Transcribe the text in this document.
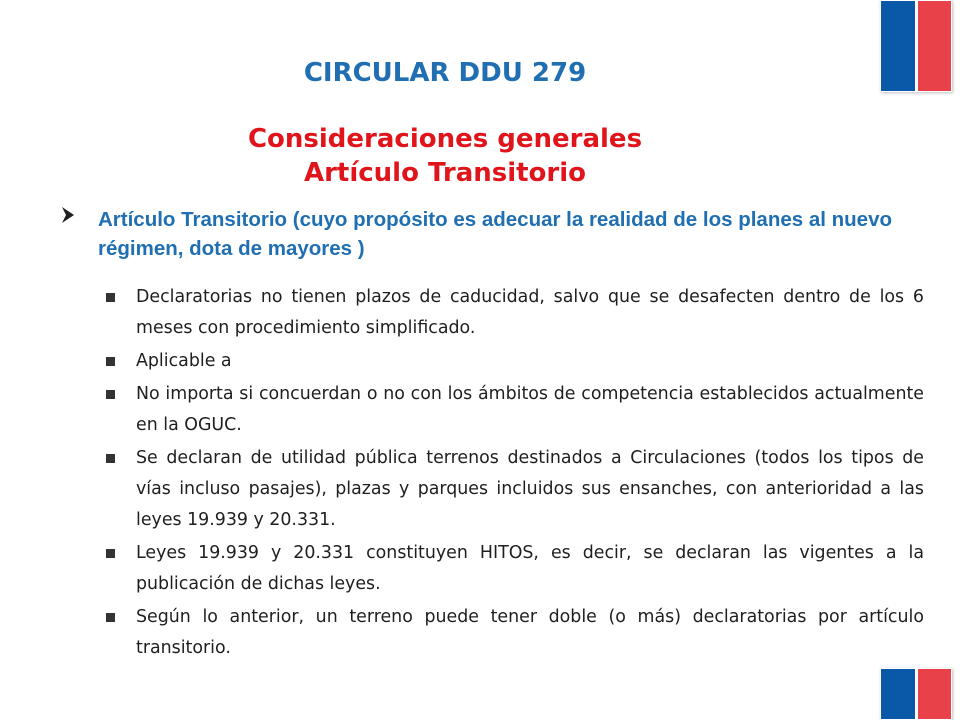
CIRCULAR DDU 279
Consideraciones generales
Artículo Transitorio

Artículo Transitorio (cuyo propósito es adecuar la realidad de los planes al nuevo régimen, dota de mayores )

Declaratorias no tienen plazos de caducidad, salvo que se desafecten dentro de los 6 meses con procedimiento simplificado.
Aplicable a
No importa si concuerdan o no con los ámbitos de competencia establecidos actualmente en la OGUC.
Se declaran de utilidad pública terrenos destinados a Circulaciones (todos los tipos de vías incluso pasajes), plazas y parques incluidos sus ensanches, con anterioridad a las leyes 19.939 y 20.331.
Leyes 19.939 y 20.331 constituyen HITOS, es decir, se declaran las vigentes a la publicación de dichas leyes.
Según lo anterior, un terreno puede tener doble (o más) declaratorias por artículo transitorio.
